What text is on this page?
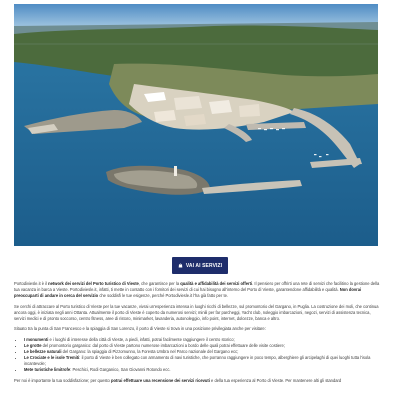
VAI AI SERVIZI

Portodiviesle.it è il network dei servizi del Porto turistico di Vieste, che garantisce per la qualità e affidabilità dei servizi offerti. Il pensiero per offrirti una rete di servizi che facilitino la gestione della tua vacanza in barca a Vieste. Portodiviesle.it, infatti, ti mette in contatto con i fornitori dei servizi di cui hai bisogno all'interno del Porto di Vieste, garantendone affidabilità e qualità. Non dovrai preoccuparti di andare in cerca del servizio che soddisfi le tue esigenze, perché Portodiviesle.it l'ha già fatto per te.

Se cerchi di attraccare al Porto turistico di Vieste per la tue vacanze, vivrai un'esperienza intensa in luoghi ricchi di bellezze, sul promontorio del Gargano, in Puglia. La costruzione dei moli, che continua ancora oggi, è iniziata negli anni Ottanta. Attualmente il porto di Vieste è coperto da numerosi servizi; minili per far parcheggi, Yacht club, noleggio imbarcazioni, negozi, servizi di assistenza tecnica, servizi medici e di pronto soccorso, centro fitness, aree di ristoro, minimarket, lavanderia, autonoleggio, info point, internet, dolcezze, banca e altro.

Situato tra la punta di San Francesco e la spiaggia di San Lorenzo, il porto di Vieste si trova in una posizione privilegiata anche per visitare:

• I monumenti e i luoghi di interesse della città di Vieste, a piedi, infatti, potrai facilmente raggiungere il centro storico;
• Le grotte del promontorio garganico: dal porto di Vieste partono numerose imbarcazioni a bordo delle quali potrai effettuare delle visite costiere;
• Le bellezze naturali del Gargano: la spiaggia di Pizzomunno, la Foresta Umbra nel Parco nazionale del Gargano ecc;
• Le Crociate e le isole Tremiti: il porto di Vieste è ben collegato con armamento di navi turistiche, che porranno raggiungere in poco tempo, alberghiere gli arcipelaghi di quei luoghi tutta l'isola incantevole;
• Mete turistiche limitrofe: Peschici, Rodi Garganico, San Giovanni Rotondo ecc.

Per noi è importante la tua soddisfazione; per questo potrai effettuare una recensione dei servizi ricevuti e della tua esperienza al Porto di Vieste. Per mantenere alti gli standard
